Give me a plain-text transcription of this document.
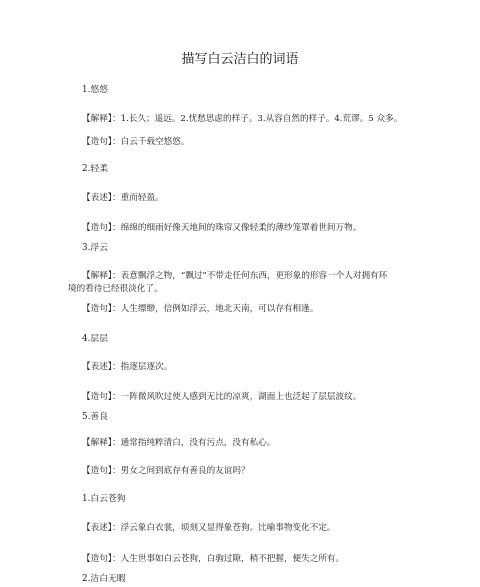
描写白云洁白的词语
1.悠悠
【解释】：1.长久；遥远。2.忧愁思虑的样子。3.从容自然的样子。4.荒谬。5 众多。
【造句】：白云千载空悠悠。
2.轻柔
【表述】：重而轻盈。
【造句】：绵绵的细雨好像天地间的珠帘又像轻柔的薄纱笼罩着世间万物。
3.浮云
【解释】：表意飘浮之物，“飘过”不带走任何东西，更形象的形容一个人对拥有环
境的看待已经很淡化了。
【造句】：人生缥缈，信例如浮云，地北天南，可以存有相逢。
4.层层
【表述】：指逐层逐次。
【造句】：一阵微风吹过使人感到无比的凉爽，湖面上也泛起了层层波纹。
5.善良
【解释】：通常指纯粹清白，没有污点，没有私心。
【造句】：男女之间到底存有善良的友谊吗？
1.白云苍狗
【表述】：浮云象白衣裳，顷刻又显得象苍狗。比喻事物变化不定。
【造句】：人生世事如白云苍狗，白驹过隙，稍不把握，便失之所有。
2.洁白无暇
